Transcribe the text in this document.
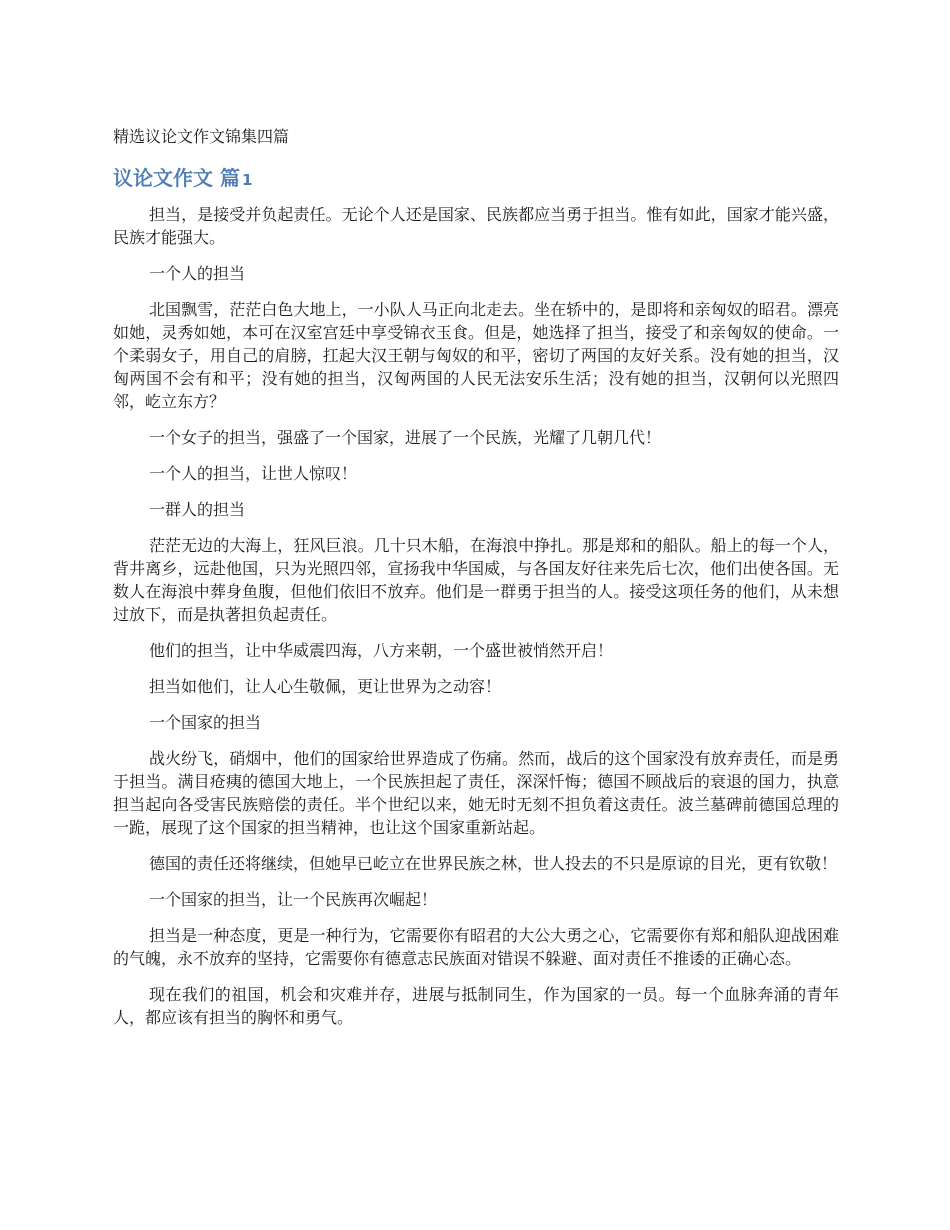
精选议论文作文锦集四篇
议论文作文 篇 1

担当，是接受并负起责任。无论个人还是国家、民族都应当勇于担当。惟有如此，国家才能兴盛，民族才能强大。

一个人的担当

北国飘雪，茫茫白色大地上，一小队人马正向北走去。坐在轿中的，是即将和亲匈奴的昭君。漂亮如她，灵秀如她，本可在汉室宫廷中享受锦衣玉食。但是，她选择了担当，接受了和亲匈奴的使命。一个柔弱女子，用自己的肩膀，扛起大汉王朝与匈奴的和平，密切了两国的友好关系。没有她的担当，汉匈两国不会有和平；没有她的担当，汉匈两国的人民无法安乐生活；没有她的担当，汉朝何以光照四邻，屹立东方？

一个女子的担当，强盛了一个国家，进展了一个民族，光耀了几朝几代！

一个人的担当，让世人惊叹！

一群人的担当

茫茫无边的大海上，狂风巨浪。几十只木船，在海浪中挣扎。那是郑和的船队。船上的每一个人，背井离乡，远赴他国，只为光照四邻，宣扬我中华国威，与各国友好往来先后七次，他们出使各国。无数人在海浪中葬身鱼腹，但他们依旧不放弃。他们是一群勇于担当的人。接受这项任务的他们，从未想过放下，而是执著担负起责任。

他们的担当，让中华威震四海，八方来朝，一个盛世被悄然开启！

担当如他们，让人心生敬佩，更让世界为之动容！

一个国家的担当

战火纷飞，硝烟中，他们的国家给世界造成了伤痛。然而，战后的这个国家没有放弃责任，而是勇于担当。满目疮痍的德国大地上，一个民族担起了责任，深深忏悔；德国不顾战后的衰退的国力，执意担当起向各受害民族赔偿的责任。半个世纪以来，她无时无刻不担负着这责任。波兰墓碑前德国总理的一跪，展现了这个国家的担当精神，也让这个国家重新站起。

德国的责任还将继续，但她早已屹立在世界民族之林，世人投去的不只是原谅的目光，更有钦敬！

一个国家的担当，让一个民族再次崛起！

担当是一种态度，更是一种行为，它需要你有昭君的大公大勇之心，它需要你有郑和船队迎战困难的气魄，永不放弃的坚持，它需要你有德意志民族面对错误不躲避、面对责任不推诿的正确心态。

现在我们的祖国，机会和灾难并存，进展与抵制同生，作为国家的一员。每一个血脉奔涌的青年人，都应该有担当的胸怀和勇气。
